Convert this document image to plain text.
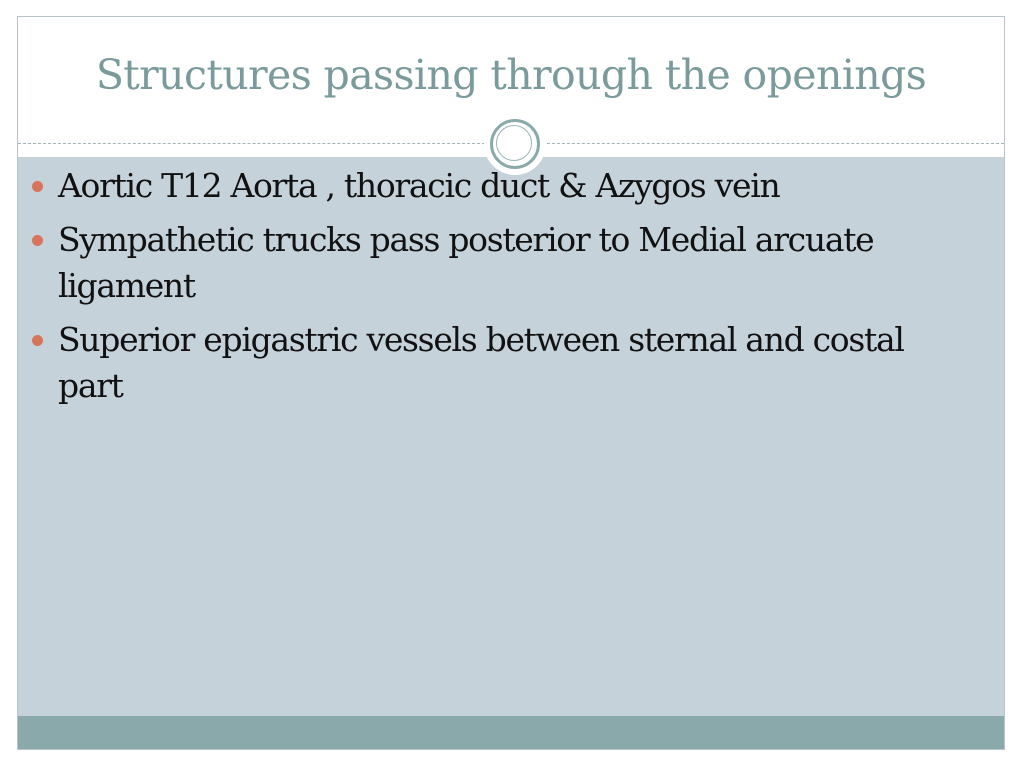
Structures passing through the openings
Aortic T12 Aorta , thoracic duct & Azygos vein
Sympathetic trucks pass posterior to Medial arcuate ligament
Superior epigastric vessels between sternal and costal part
